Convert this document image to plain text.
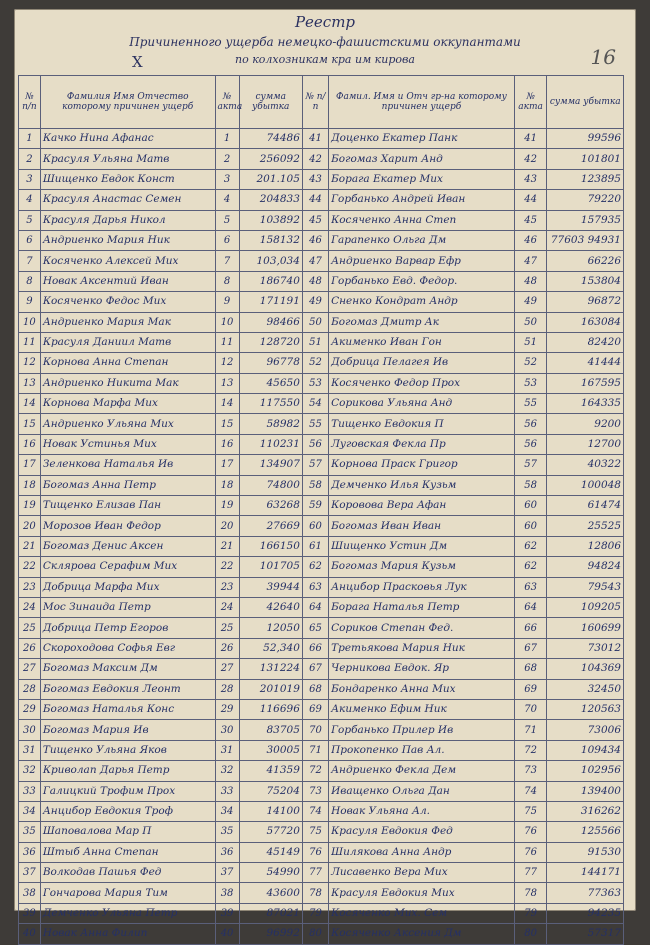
Реестр
Причиненного ущерба немецко-фашистскими оккупантами
по колхозникам кра им кирова
Х	16
№ п/п	Фамилия Имя Отчество которому причинен ущерб	№ акта	сумма убытка	№ п/п	Фамил. Имя и Отч гр-на которому причинен ущерб	№ акта	сумма убытка
1	Качко Нина Афанас	1	74486	41	Доценко Екатер Панк	41	99596
2	Красуля Ульяна Матв	2	256092	42	Богомаз Харит Анд	42	101801
3	Шищенко Евдок Конст	3	201.105	43	Борага Екатер Мих	43	123895
4	Красуля Анастас Семен	4	204833	44	Горбанько Андрей Иван	44	79220
5	Красуля Дарья Никол	5	103892	45	Косяченко Анна Степ	45	157935
6	Андриенко Мария Ник	6	158132	46	Гарапенко Ольга Дм	46	77603 94931
7	Косяченко Алексей Мих	7	103,034	47	Андриенко Варвар Ефр	47	66226
8	Новак Аксентий Иван	8	186740	48	Горбанько Евд. Федор.	48	153804
9	Косяченко Федос Мих	9	171191	49	Сненко Кондрат Андр	49	96872
10	Андриенко Мария Мак	10	98466	50	Богомаз Дмитр Ак	50	163084
11	Красуля Даниил Матв	11	128720	51	Акименко Иван Гон	51	82420
12	Корнова Анна Степан	12	96778	52	Добрица Пелагея Ив	52	41444
13	Андриенко Никита Мак	13	45650	53	Косяченко Федор Прох	53	167595
14	Корнова Марфа Мих	14	117550	54	Сорикова Ульяна Анд	55	164335
15	Андриенко Ульяна Мих	15	58982	55	Тищенко Евдокия П	56	9200
16	Новак Устинья Мих	16	110231	56	Луговская Фекла Пр	56	12700
17	Зеленкова Наталья Ив	17	134907	57	Корнова Праск Григор	57	40322
18	Богомаз Анна Петр	18	74800	58	Демченко Илья Кузьм	58	100048
19	Тищенко Елизав Пан	19	63268	59	Коровова Вера Афан	60	61474
20	Морозов Иван Федор	20	27669	60	Богомаз Иван Иван	60	25525
21	Богомаз Денис Аксен	21	166150	61	Шищенко Устин Дм	62	12806
22	Склярова Серафим Мих	22	101705	62	Богомаз Мария Кузьм	62	94824
23	Добрица Марфа Мих	23	39944	63	Анцибор Прасковья Лук	63	79543
24	Мос Зинаида Петр	24	42640	64	Борага Наталья Петр	64	109205
25	Добрица Петр Егоров	25	12050	65	Сориков Степан Фед.	66	160699
26	Скороходова Софья Евг	26	52,340	66	Третьякова Мария Ник	67	73012
27	Богомаз Максим Дм	27	131224	67	Черникова Евдок. Яр	68	104369
28	Богомаз Евдокия Леонт	28	201019	68	Бондаренко Анна Мих	69	32450
29	Богомаз Наталья Конс	29	116696	69	Акименко Ефим Ник	70	120563
30	Богомаз Мария Ив	30	83705	70	Горбанько Прилер Ив	71	73006
31	Тищенко Ульяна Яков	31	30005	71	Прокопенко Пав Ал.	72	109434
32	Криволап Дарья Петр	32	41359	72	Андриенко Фекла Дем	73	102956
33	Галицкий Трофим Прох	33	75204	73	Иващенко Ольга Дан	74	139400
34	Анцибор Евдокия Троф	34	14100	74	Новак Ульяна Ал.	75	316262
35	Шаповалова Мар П	35	57720	75	Красуля Евдокия Фед	76	125566
36	Штыб Анна Степан	36	45149	76	Шилякова Анна Андр	76	91530
37	Волкодав Пашья Фед	37	54990	77	Лисавенко Вера Мих	77	144171
38	Гончарова Мария Тим	38	43600	78	Красуля Евдокия Мих	78	77363
39	Демченко Ульяна Петр	39	87021	79	Косяченко Мих. Сем	79	94235
40	Новак Анна Филип	40	96992	80	Косяченко Аксения Дм	80	57317
